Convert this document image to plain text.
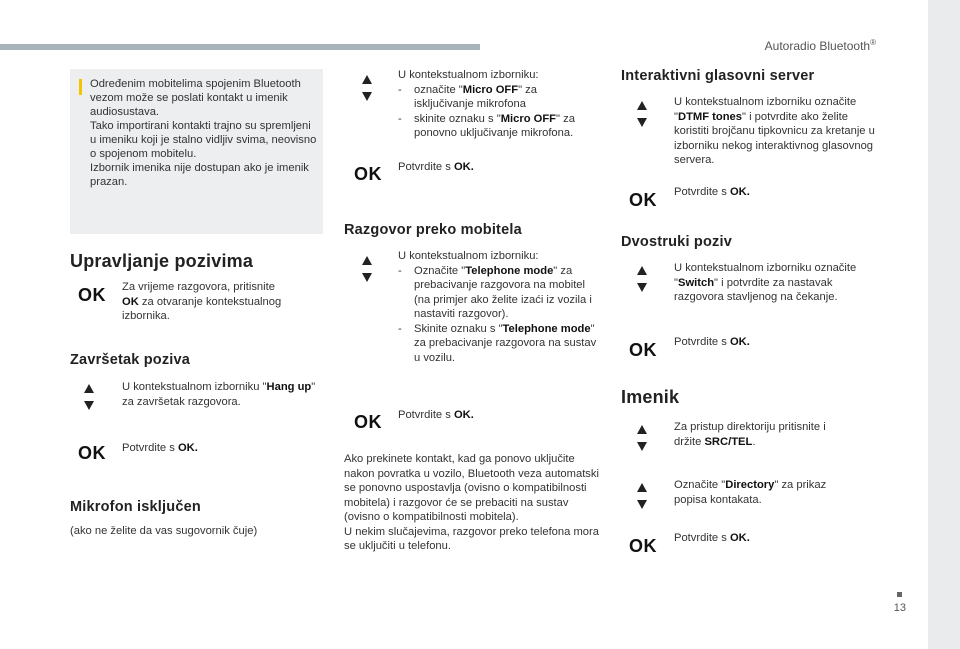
Autoradio Bluetooth®
Određenim mobitelima spojenim Bluetooth vezom može se poslati kontakt u imenik audiosustava.
Tako importirani kontakti trajno su spremljeni u imeniku koji je stalno vidljiv svima, neovisno o spojenom mobitelu.
Izbornik imenika nije dostupan ako je imenik prazan.
Upravljanje pozivima
OK Za vrijeme razgovora, pritisnite
OK za otvaranje kontekstualnog izbornika.
Završetak poziva
U kontekstualnom izborniku "Hang up" za završetak razgovora.
OK Potvrdite s OK.
Mikrofon isključen
(ako ne želite da vas sugovornik čuje)
U kontekstualnom izborniku:
- označite "Micro OFF" za isključivanje mikrofona
- skinite oznaku s "Micro OFF" za ponovno uključivanje mikrofona.
OK Potvrdite s OK.
Razgovor preko mobitela
U kontekstualnom izborniku:
- Označite "Telephone mode" za prebacivanje razgovora na mobitel (na primjer ako želite izaći iz vozila i nastaviti razgovor).
- Skinite oznaku s "Telephone mode" za prebacivanje razgovora na sustav u vozilu.
OK Potvrdite s OK.
Ako prekinete kontakt, kad ga ponovo uključite nakon povratka u vozilo, Bluetooth veza automatski se ponovno uspostavlja (ovisno o kompatibilnosti mobitela) i razgovor će se prebaciti na sustav (ovisno o kompatibilnosti mobitela).
U nekim slučajevima, razgovor preko telefona mora se uključiti u telefonu.
Interaktivni glasovni server
U kontekstualnom izborniku označite "DTMF tones" i potvrdite ako želite koristiti brojčanu tipkovnicu za kretanje u izborniku nekog interaktivnog glasovnog servera.
OK Potvrdite s OK.
Dvostruki poziv
U kontekstualnom izborniku označite "Switch" i potvrdite za nastavak razgovora stavljenog na čekanje.
OK Potvrdite s OK.
Imenik
Za pristup direktoriju pritisnite i držite SRC/TEL.
Označite "Directory" za prikaz popisa kontakata.
OK Potvrdite s OK.
13
